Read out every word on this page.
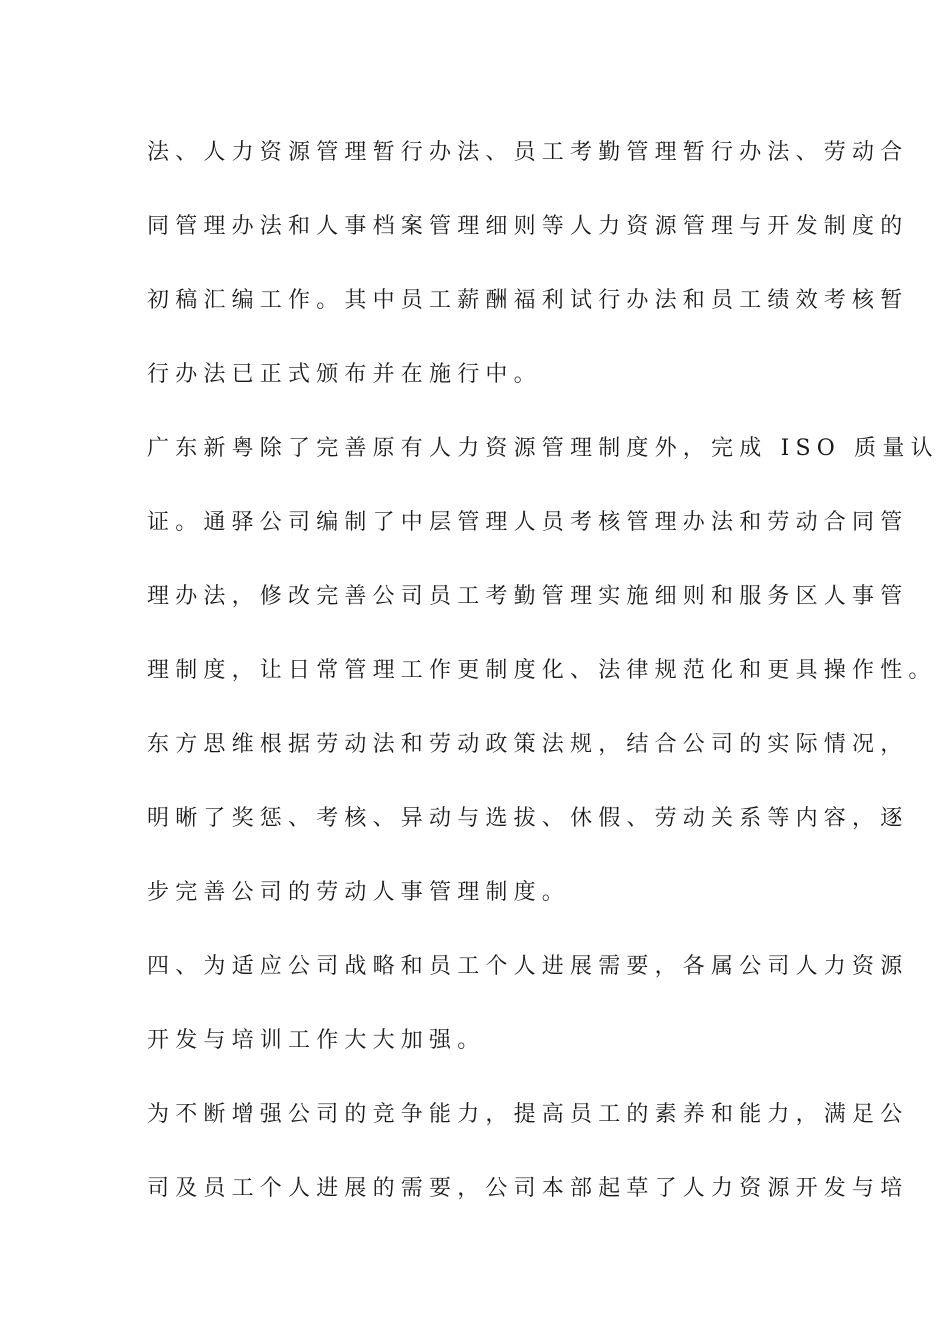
法、人力资源管理暂行办法、员工考勤管理暂行办法、劳动合
同管理办法和人事档案管理细则等人力资源管理与开发制度的
初稿汇编工作。其中员工薪酬福利试行办法和员工绩效考核暂
行办法已正式颁布并在施行中。
广东新粤除了完善原有人力资源管理制度外，完成 ISO 质量认
证。通驿公司编制了中层管理人员考核管理办法和劳动合同管
理办法，修改完善公司员工考勤管理实施细则和服务区人事管
理制度，让日常管理工作更制度化、法律规范化和更具操作性。
东方思维根据劳动法和劳动政策法规，结合公司的实际情况，
明晰了奖惩、考核、异动与选拔、休假、劳动关系等内容，逐
步完善公司的劳动人事管理制度。
四、为适应公司战略和员工个人进展需要，各属公司人力资源
开发与培训工作大大加强。
为不断增强公司的竞争能力，提高员工的素养和能力，满足公
司及员工个人进展的需要，公司本部起草了人力资源开发与培
